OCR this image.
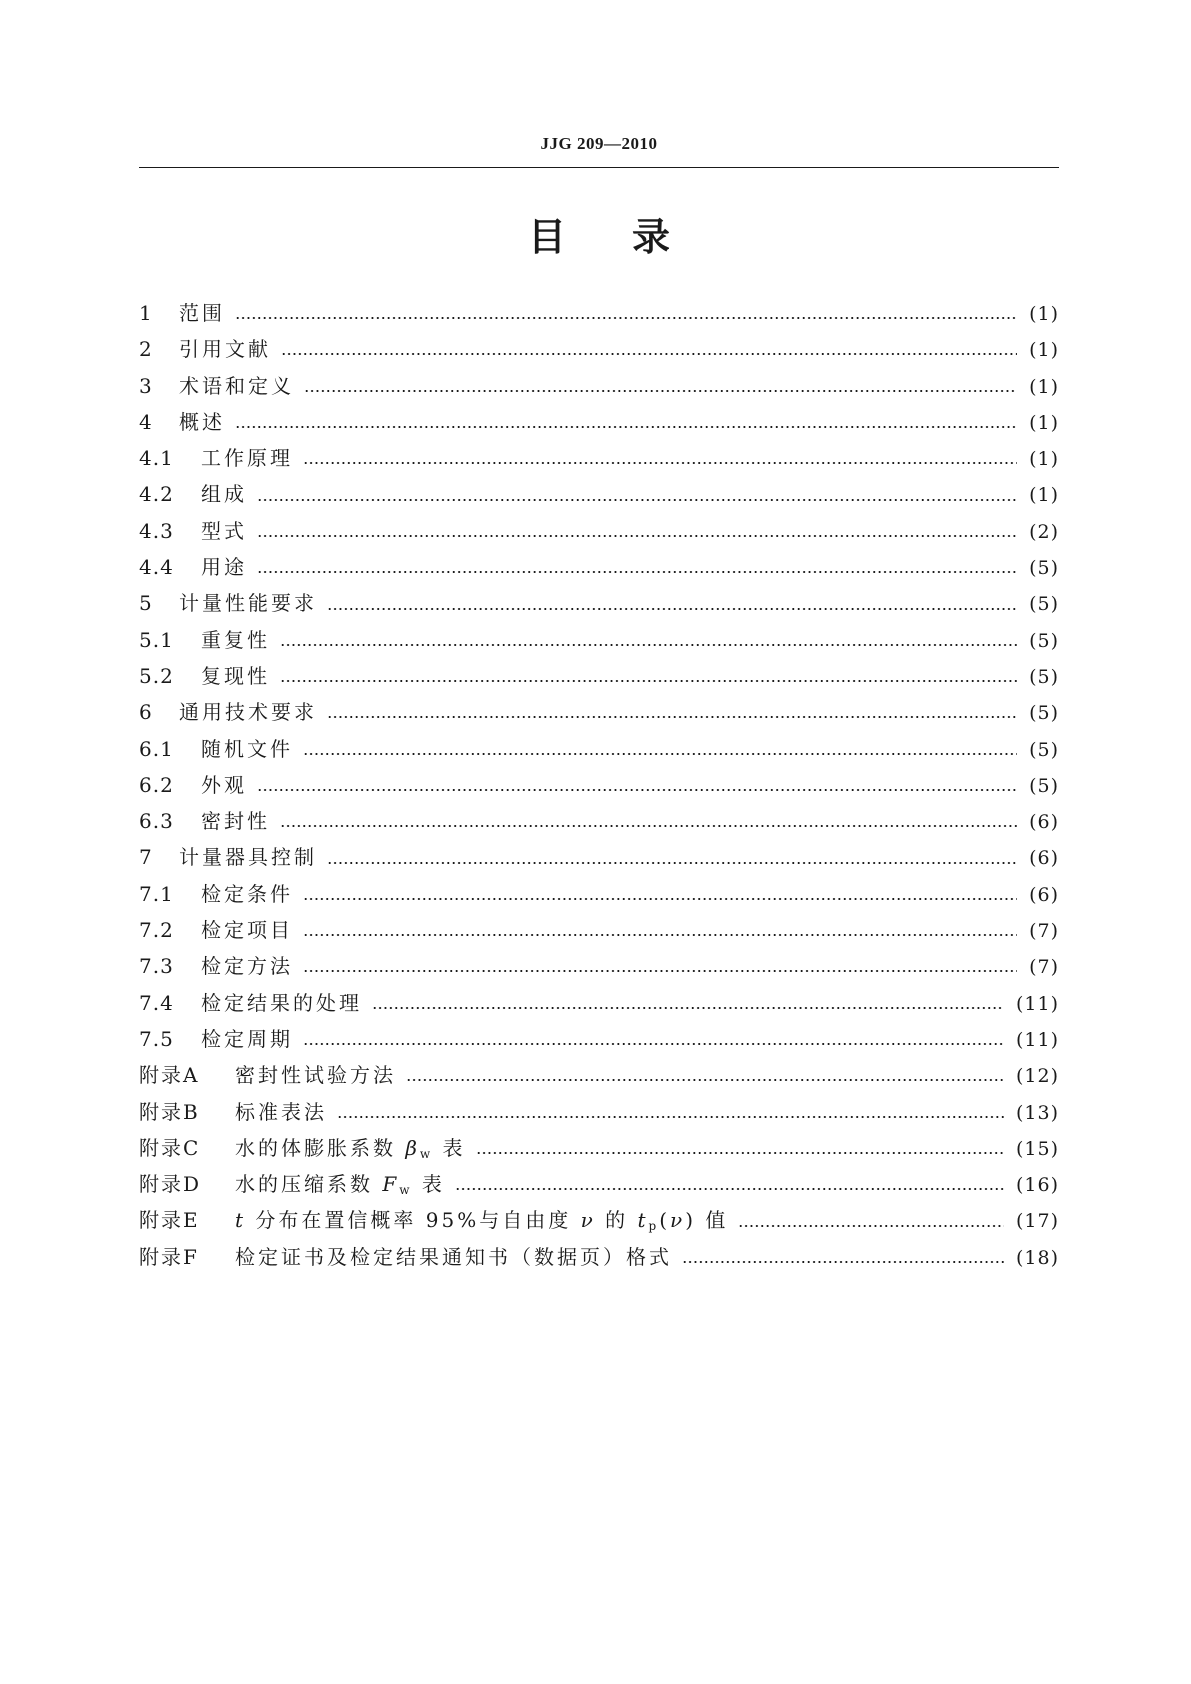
JJG 209—2010
目 录
1	范围	(1)
2	引用文献	(1)
3	术语和定义	(1)
4	概述	(1)
4.1	工作原理	(1)
4.2	组成	(1)
4.3	型式	(2)
4.4	用途	(5)
5	计量性能要求	(5)
5.1	重复性	(5)
5.2	复现性	(5)
6	通用技术要求	(5)
6.1	随机文件	(5)
6.2	外观	(5)
6.3	密封性	(6)
7	计量器具控制	(6)
7.1	检定条件	(6)
7.2	检定项目	(7)
7.3	检定方法	(7)
7.4	检定结果的处理	(11)
7.5	检定周期	(11)
附录A	密封性试验方法	(12)
附录B	标准表法	(13)
附录C	水的体膨胀系数 $\beta_w$ 表	(15)
附录D	水的压缩系数 $F_w$ 表	(16)
附录E	t 分布在置信概率 95%与自由度 ν 的 $t_p(\nu)$ 值	(17)
附录F	检定证书及检定结果通知书（数据页）格式	(18)
